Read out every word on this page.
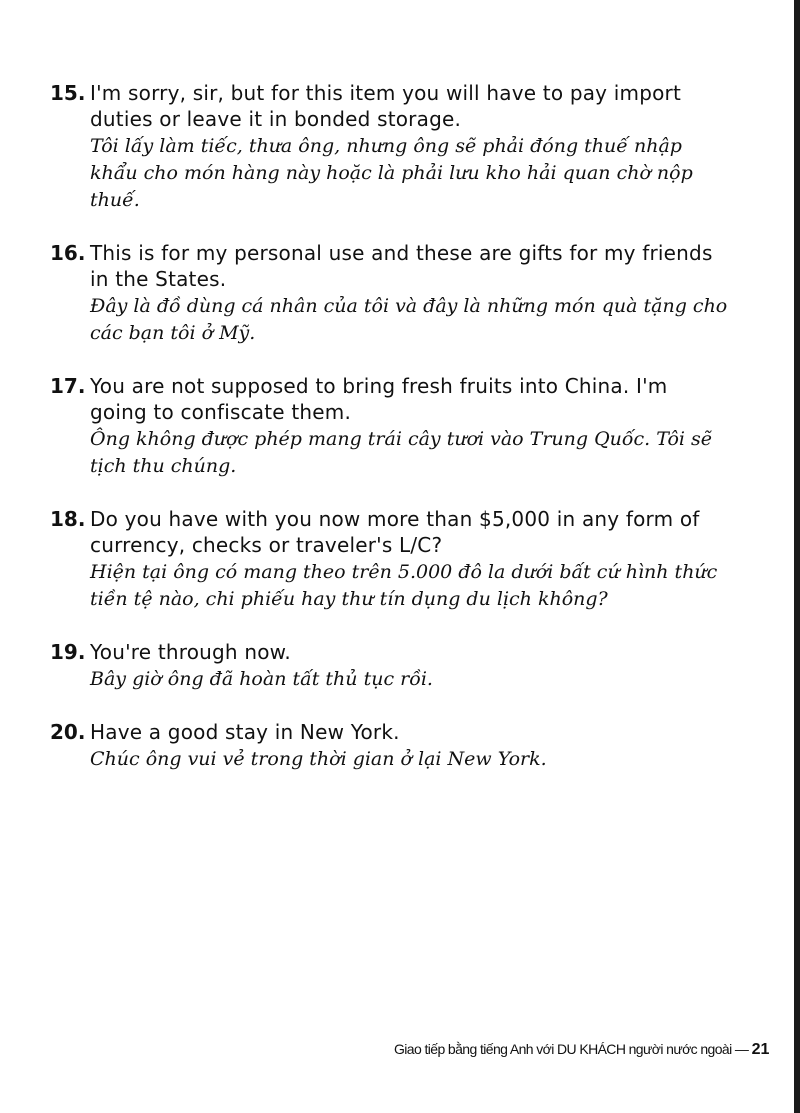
15. I'm sorry, sir, but for this item you will have to pay import duties or leave it in bonded storage.
Tôi lấy làm tiếc, thưa ông, nhưng ông sẽ phải đóng thuế nhập khẩu cho món hàng này hoặc là phải lưu kho hải quan chờ nộp thuế.
16. This is for my personal use and these are gifts for my friends in the States.
Đây là đồ dùng cá nhân của tôi và đây là những món quà tặng cho các bạn tôi ở Mỹ.
17. You are not supposed to bring fresh fruits into China. I'm going to confiscate them.
Ông không được phép mang trái cây tươi vào Trung Quốc. Tôi sẽ tịch thu chúng.
18. Do you have with you now more than $5,000 in any form of currency, checks or traveler's L/C?
Hiện tại ông có mang theo trên 5.000 đô la dưới bất cứ hình thức tiền tệ nào, chi phiếu hay thư tín dụng du lịch không?
19. You're through now.
Bây giờ ông đã hoàn tất thủ tục rồi.
20. Have a good stay in New York.
Chúc ông vui vẻ trong thời gian ở lại New York.
Giao tiếp bằng tiếng Anh với DU KHÁCH người nước ngoài — 21
